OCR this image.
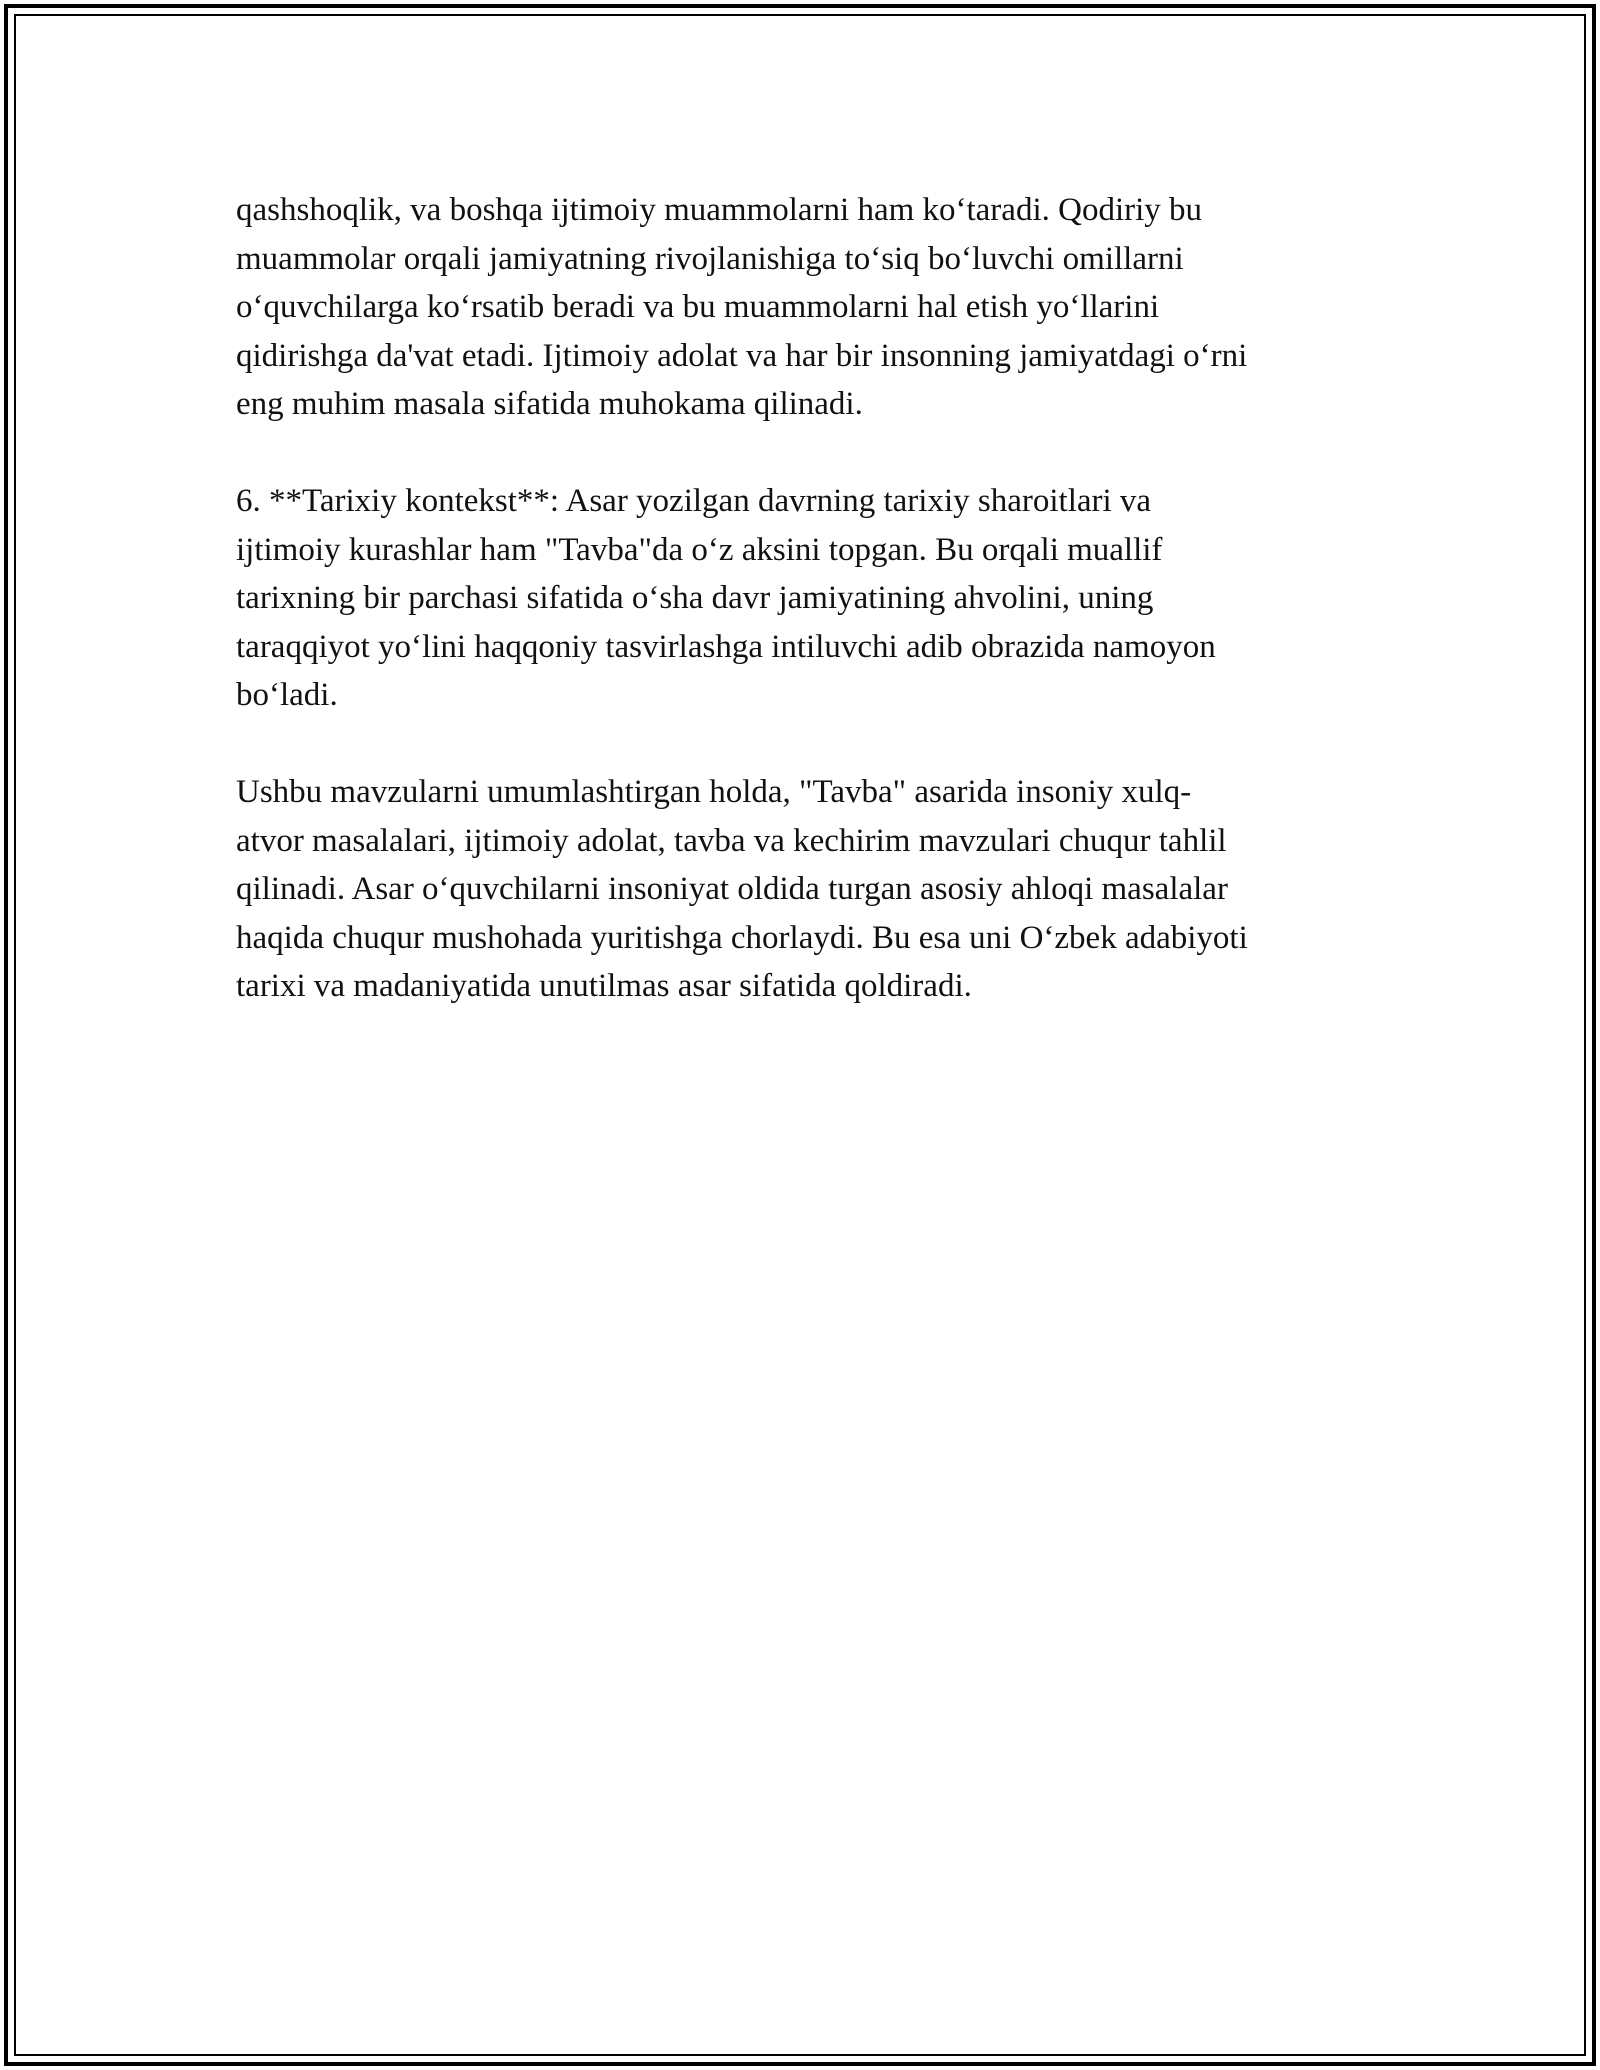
qashshoqlik, va boshqa ijtimoiy muammolarni ham ko‘taradi. Qodiriy bu
muammolar orqali jamiyatning rivojlanishiga to‘siq bo‘luvchi omillarni
o‘quvchilarga ko‘rsatib beradi va bu muammolarni hal etish yo‘llarini
qidirishga da'vat etadi. Ijtimoiy adolat va har bir insonning jamiyatdagi o‘rni
eng muhim masala sifatida muhokama qilinadi.

6. **Tarixiy kontekst**: Asar yozilgan davrning tarixiy sharoitlari va
ijtimoiy kurashlar ham "Tavba"da o‘z aksini topgan. Bu orqali muallif
tarixning bir parchasi sifatida o‘sha davr jamiyatining ahvolini, uning
taraqqiyot yo‘lini haqqoniy tasvirlashga intiluvchi adib obrazida namoyon
bo‘ladi.

Ushbu mavzularni umumlashtirgan holda, "Tavba" asarida insoniy xulq-
atvor masalalari, ijtimoiy adolat, tavba va kechirim mavzulari chuqur tahlil
qilinadi. Asar o‘quvchilarni insoniyat oldida turgan asosiy ahloqi masalalar
haqida chuqur mushohada yuritishga chorlaydi. Bu esa uni O‘zbek adabiyoti
tarixi va madaniyatida unutilmas asar sifatida qoldiradi.
